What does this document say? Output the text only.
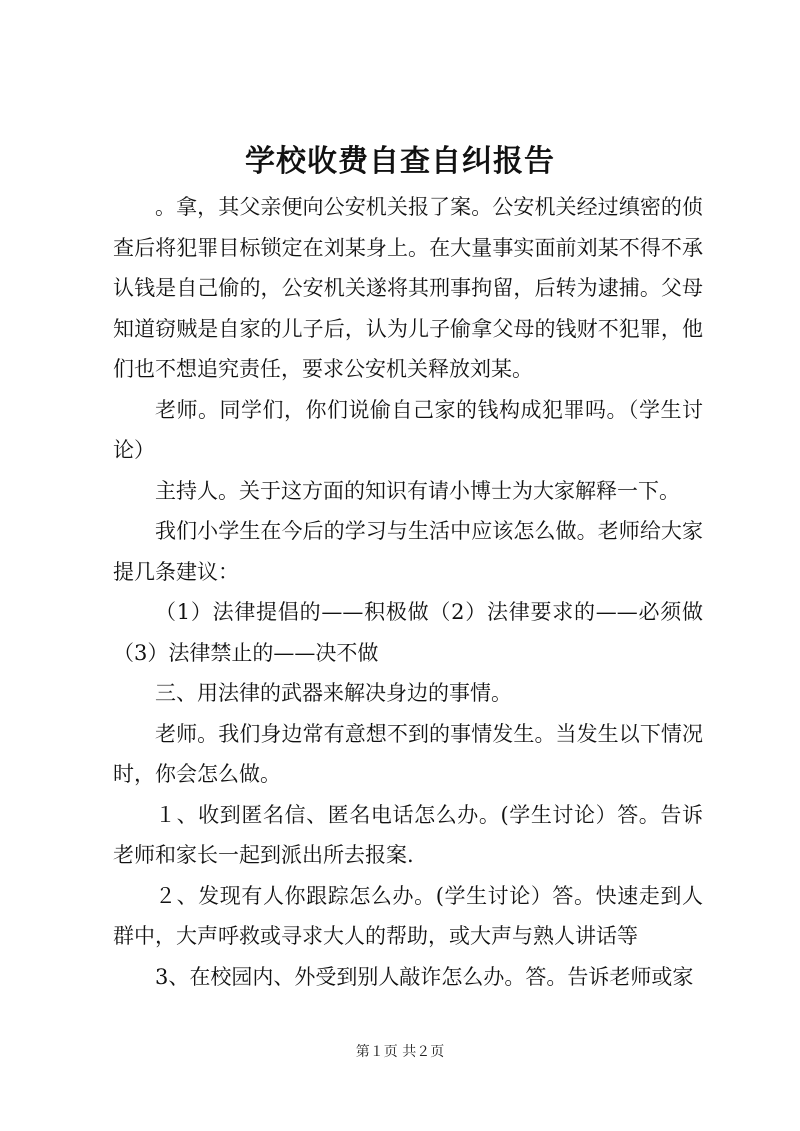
学校收费自查自纠报告

。拿，其父亲便向公安机关报了案。公安机关经过缜密的侦查后将犯罪目标锁定在刘某身上。在大量事实面前刘某不得不承认钱是自己偷的，公安机关遂将其刑事拘留，后转为逮捕。父母知道窃贼是自家的儿子后，认为儿子偷拿父母的钱财不犯罪，他们也不想追究责任，要求公安机关释放刘某。

老师。同学们，你们说偷自己家的钱构成犯罪吗。（学生讨论）

主持人。关于这方面的知识有请小博士为大家解释一下。

我们小学生在今后的学习与生活中应该怎么做。老师给大家提几条建议：

（1）法律提倡的——积极做（2）法律要求的——必须做（3）法律禁止的——决不做

三、用法律的武器来解决身边的事情。

老师。我们身边常有意想不到的事情发生。当发生以下情况时，你会怎么做。

１、收到匿名信、匿名电话怎么办。(学生讨论）答。告诉老师和家长一起到派出所去报案.

２、发现有人你跟踪怎么办。(学生讨论）答。快速走到人群中，大声呼救或寻求大人的帮助，或大声与熟人讲话等

3、在校园内、外受到别人敲诈怎么办。答。告诉老师或家

第１页 共２页
